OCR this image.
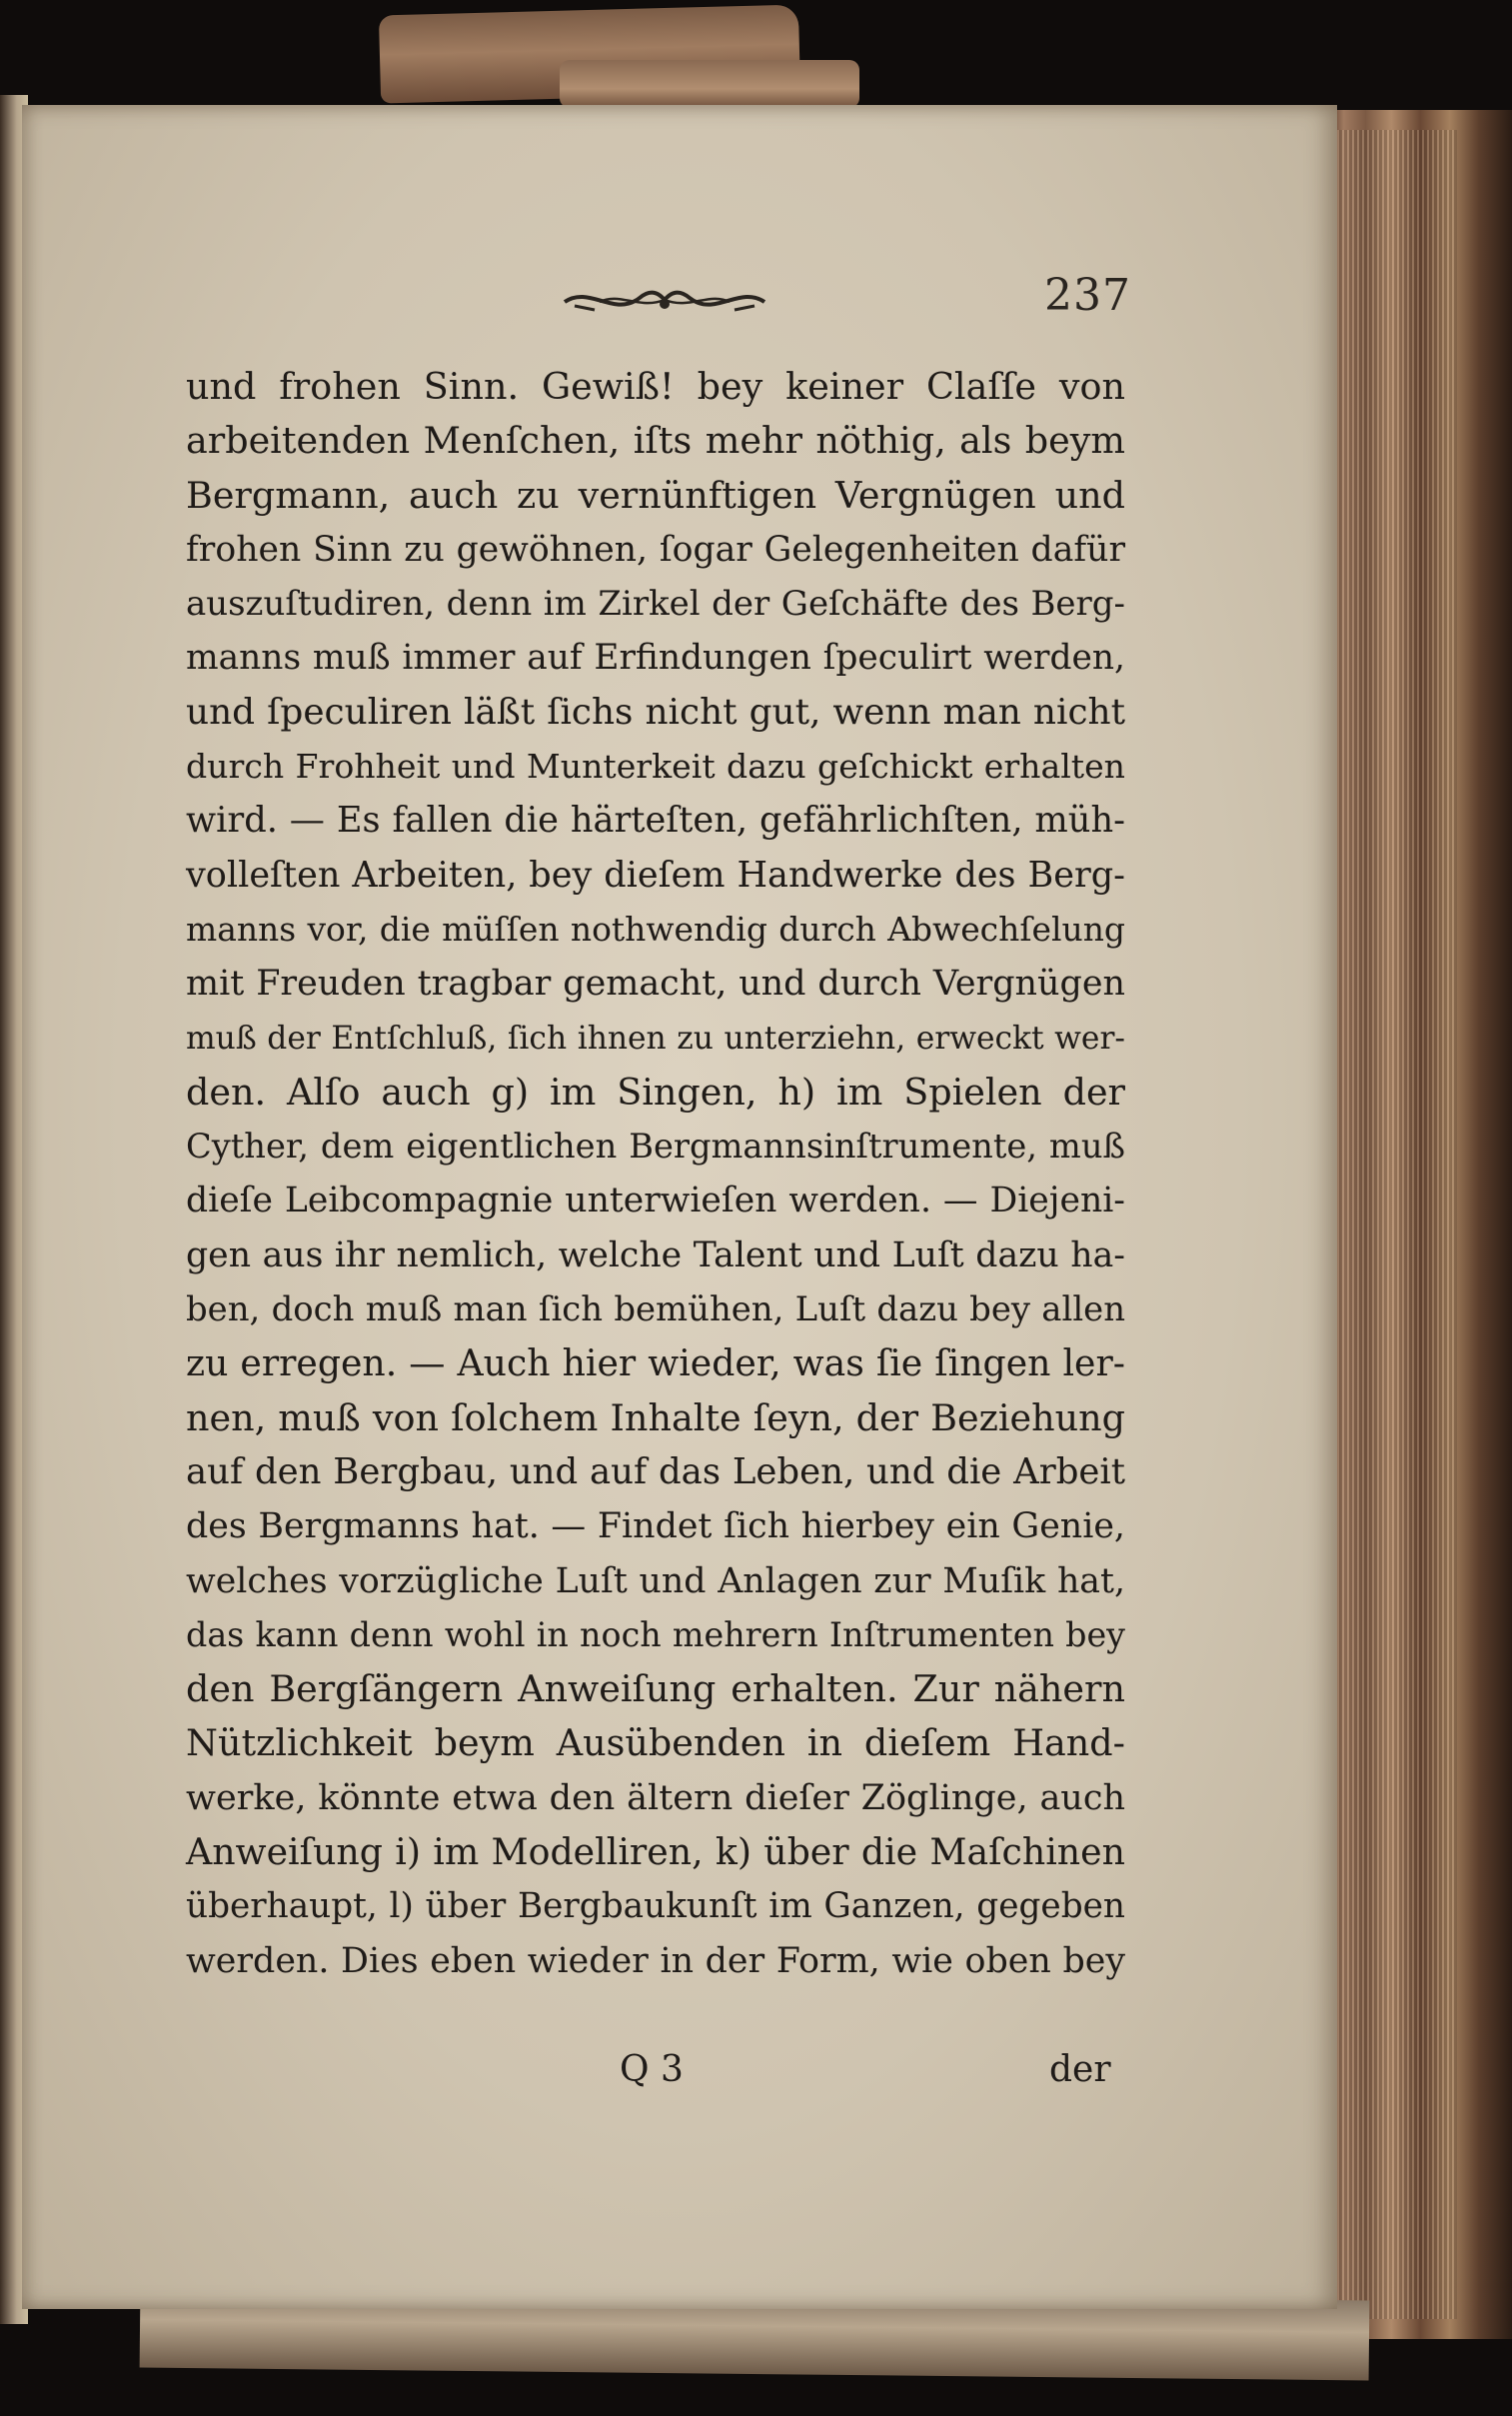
237
und frohen Sinn. Gewiß! bey keiner Claſſe von
arbeitenden Menſchen, iſts mehr nöthig, als beym
Bergmann, auch zu vernünftigen Vergnügen und
frohen Sinn zu gewöhnen, ſogar Gelegenheiten dafür
auszuſtudiren, denn im Zirkel der Geſchäfte des Berg-
manns muß immer auf Erfindungen ſpeculirt werden,
und ſpeculiren läßt ſichs nicht gut, wenn man nicht
durch Frohheit und Munterkeit dazu geſchickt erhalten
wird. — Es fallen die härteſten, gefährlichſten, müh-
volleſten Arbeiten, bey dieſem Handwerke des Berg-
manns vor, die müſſen nothwendig durch Abwechſelung
mit Freuden tragbar gemacht, und durch Vergnügen
muß der Entſchluß, ſich ihnen zu unterziehn, erweckt wer-
den. Alſo auch g) im Singen, h) im Spielen der
Cyther, dem eigentlichen Bergmannsinſtrumente, muß
dieſe Leibcompagnie unterwieſen werden. — Diejeni-
gen aus ihr nemlich, welche Talent und Luſt dazu ha-
ben, doch muß man ſich bemühen, Luſt dazu bey allen
zu erregen. — Auch hier wieder, was ſie ſingen ler-
nen, muß von ſolchem Inhalte ſeyn, der Beziehung
auf den Bergbau, und auf das Leben, und die Arbeit
des Bergmanns hat. — Findet ſich hierbey ein Genie,
welches vorzügliche Luſt und Anlagen zur Muſik hat,
das kann denn wohl in noch mehrern Inſtrumenten bey
den Bergſängern Anweiſung erhalten. Zur nähern
Nützlichkeit beym Ausübenden in dieſem Hand-
werke, könnte etwa den ältern dieſer Zöglinge, auch
Anweiſung i) im Modelliren, k) über die Maſchinen
überhaupt, l) über Bergbaukunſt im Ganzen, gegeben
werden. Dies eben wieder in der Form, wie oben bey
Q 3	der
